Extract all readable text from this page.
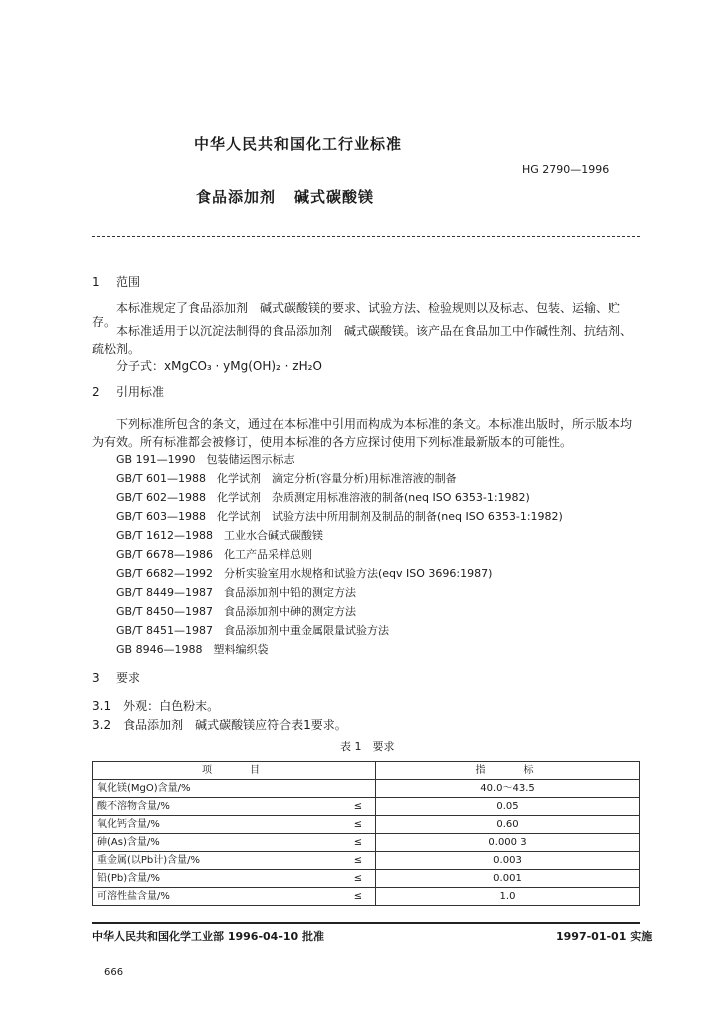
中华人民共和国化工行业标准
HG 2790—1996
食品添加剂 碱式碳酸镁
1 范围
本标准规定了食品添加剂　碱式碳酸镁的要求、试验方法、检验规则以及标志、包装、运输、贮存。
本标准适用于以沉淀法制得的食品添加剂　碱式碳酸镁。该产品在食品加工中作碱性剂、抗结剂、疏松剂。
分子式：xMgCO₃ · yMg(OH)₂ · zH₂O
2 引用标准
下列标准所包含的条文，通过在本标准中引用而构成为本标准的条文。本标准出版时，所示版本均为有效。所有标准都会被修订，使用本标准的各方应探讨使用下列标准最新版本的可能性。
GB 191—1990　包装储运图示标志
GB/T 601—1988　化学试剂　滴定分析(容量分析)用标准溶液的制备
GB/T 602—1988　化学试剂　杂质测定用标准溶液的制备(neq ISO 6353-1:1982)
GB/T 603—1988　化学试剂　试验方法中所用制剂及制品的制备(neq ISO 6353-1:1982)
GB/T 1612—1988　工业水合碱式碳酸镁
GB/T 6678—1986　化工产品采样总则
GB/T 6682—1992　分析实验室用水规格和试验方法(eqv ISO 3696:1987)
GB/T 8449—1987　食品添加剂中铅的测定方法
GB/T 8450—1987　食品添加剂中砷的测定方法
GB/T 8451—1987　食品添加剂中重金属限量试验方法
GB 8946—1988　塑料编织袋
3 要求
3.1　外观：白色粉末。
3.2　食品添加剂　碱式碳酸镁应符合表1要求。
表 1　要求
项　　目		指　　标
氧化镁(MgO)含量/%		40.0～43.5
酸不溶物含量/%	≤	0.05
氧化钙含量/%	≤	0.60
砷(As)含量/%	≤	0.000 3
重金属(以Pb计)含量/%	≤	0.003
铅(Pb)含量/%	≤	0.001
可溶性盐含量/%	≤	1.0
中华人民共和国化学工业部 1996-04-10 批准	1997-01-01 实施
666
